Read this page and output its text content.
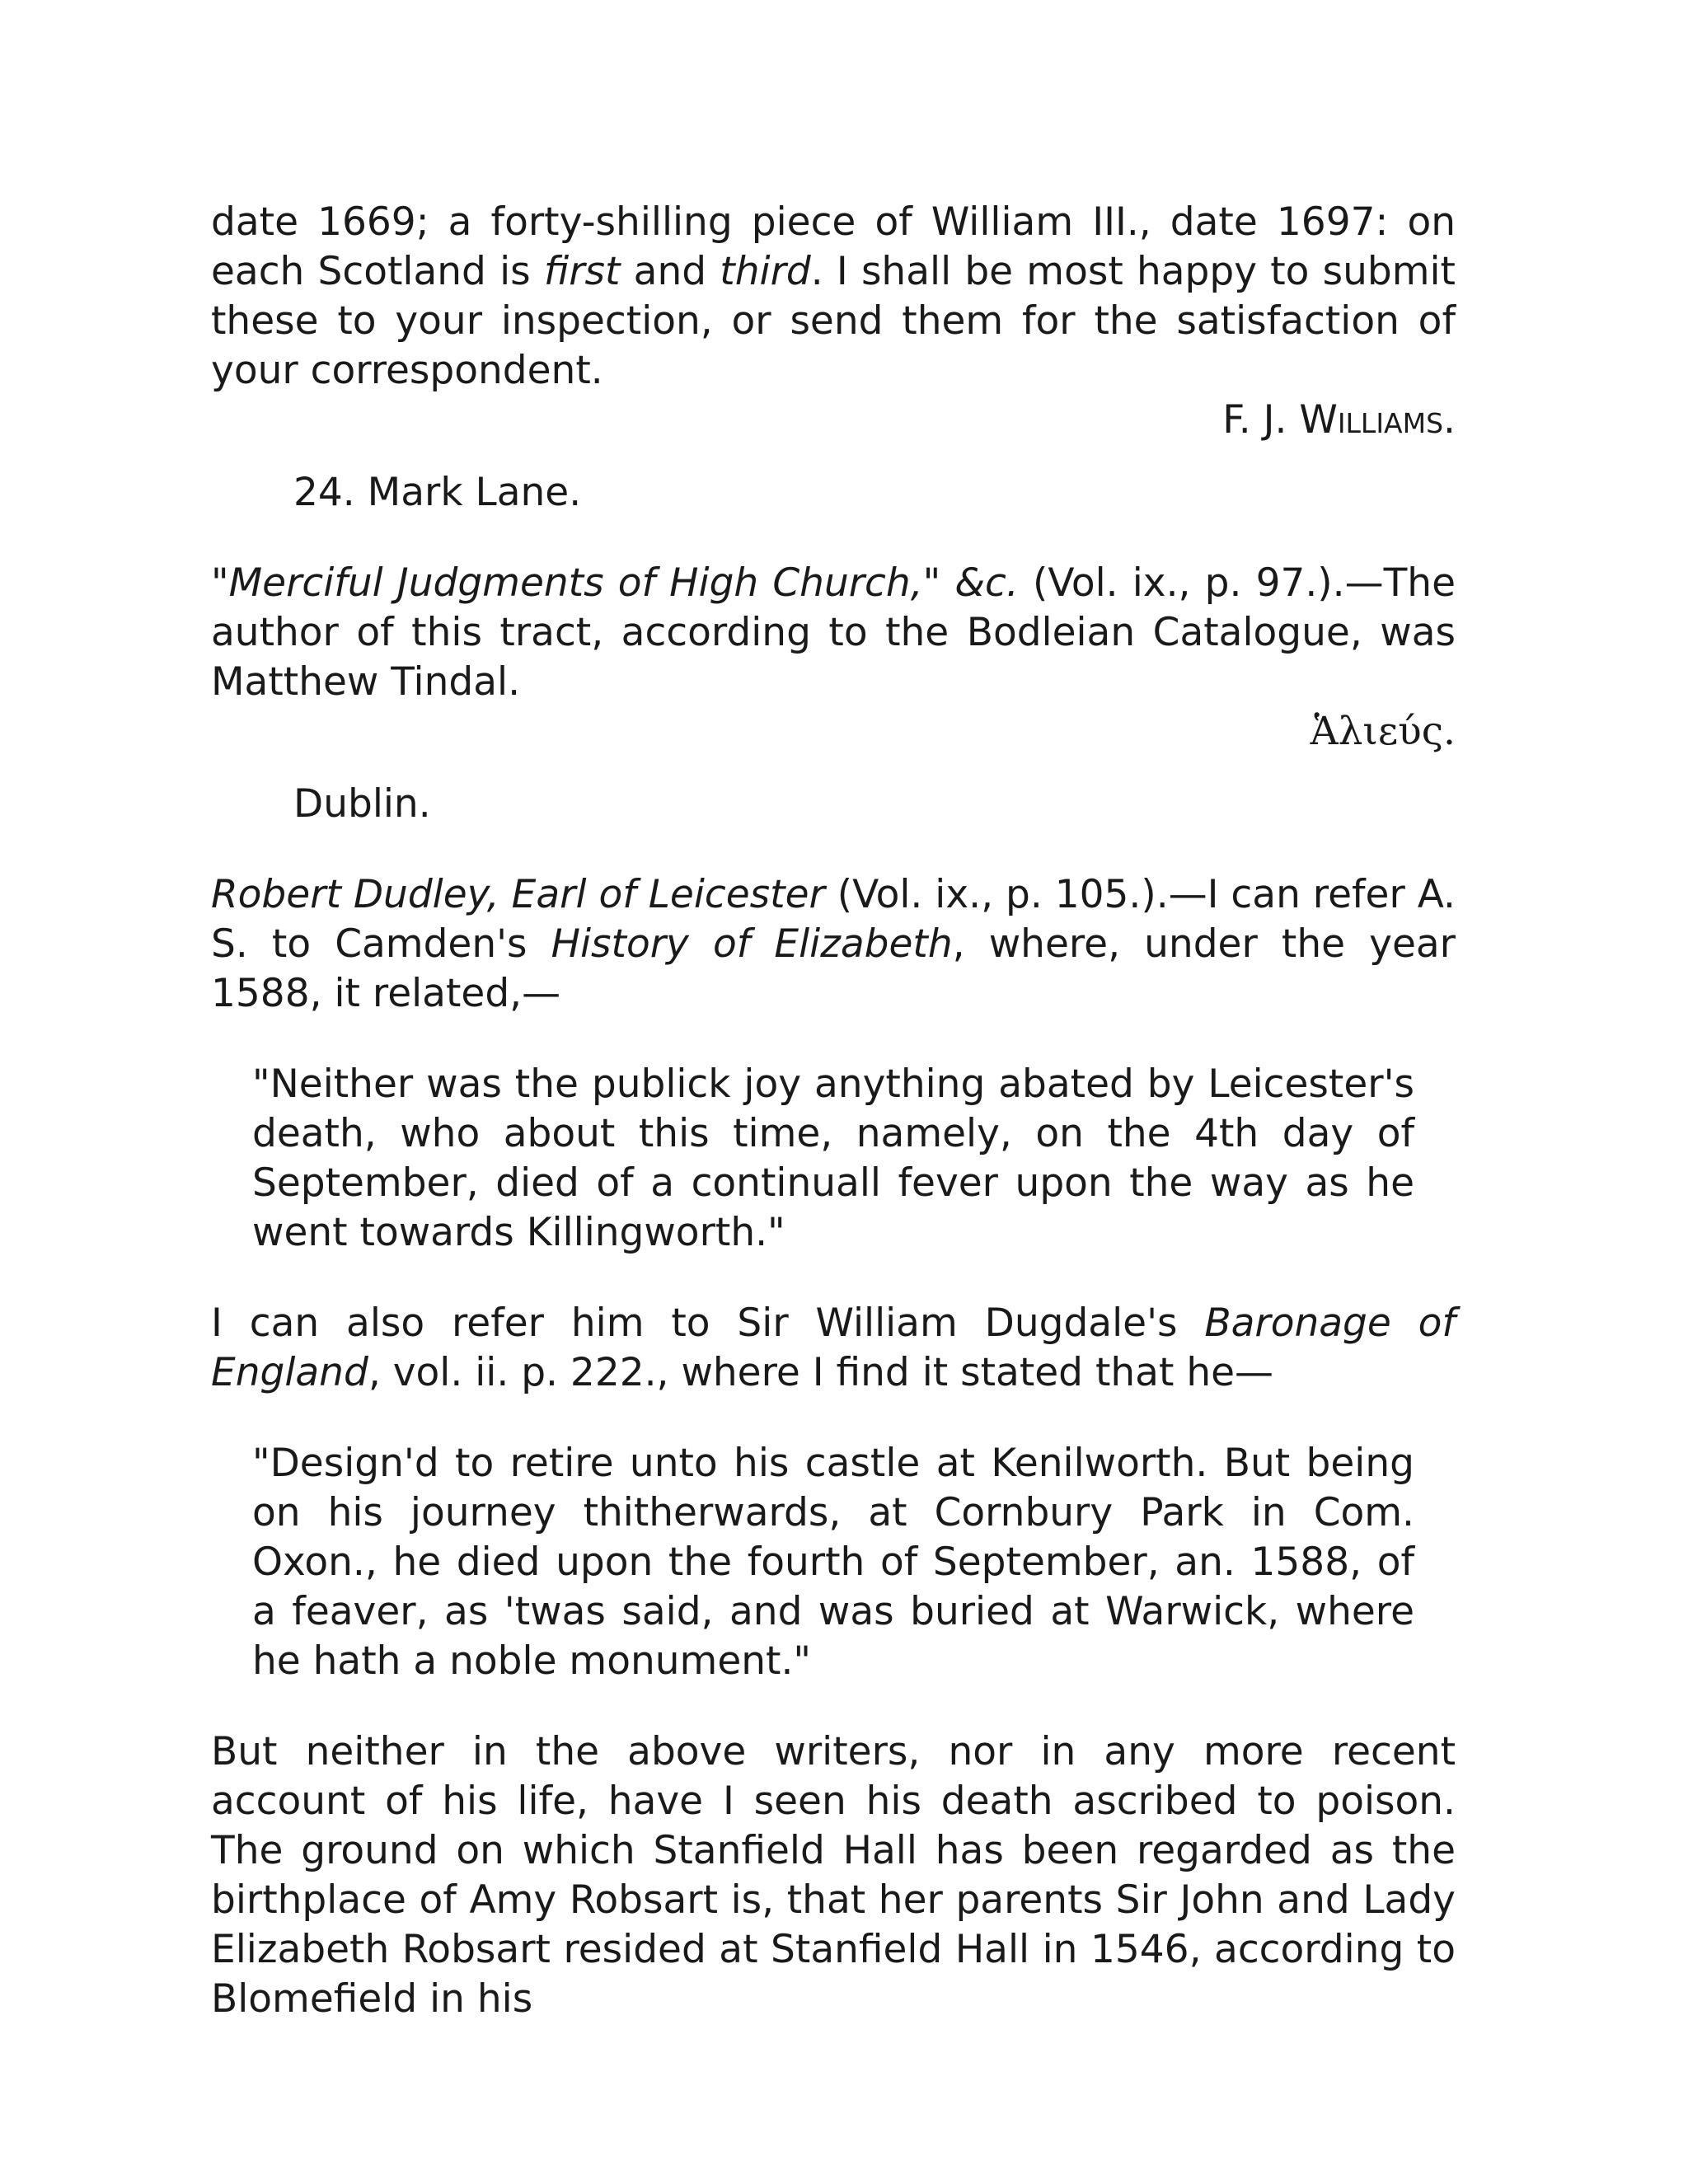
date 1669; a forty-shilling piece of William III., date 1697: on each Scotland is first and third. I shall be most happy to submit these to your inspection, or send them for the satisfaction of your correspondent.

F. J. Williams.

24. Mark Lane.

"Merciful Judgments of High Church," &c. (Vol. ix., p. 97.).—The author of this tract, according to the Bodleian Catalogue, was Matthew Tindal.

Ἁλιεύς.

Dublin.

Robert Dudley, Earl of Leicester (Vol. ix., p. 105.).—I can refer A. S. to Camden's History of Elizabeth, where, under the year 1588, it related,—

"Neither was the publick joy anything abated by Leicester's death, who about this time, namely, on the 4th day of September, died of a continuall fever upon the way as he went towards Killingworth."

I can also refer him to Sir William Dugdale's Baronage of England, vol. ii. p. 222., where I find it stated that he—

"Design'd to retire unto his castle at Kenilworth. But being on his journey thitherwards, at Cornbury Park in Com. Oxon., he died upon the fourth of September, an. 1588, of a feaver, as 'twas said, and was buried at Warwick, where he hath a noble monument."

But neither in the above writers, nor in any more recent account of his life, have I seen his death ascribed to poison. The ground on which Stanfield Hall has been regarded as the birthplace of Amy Robsart is, that her parents Sir John and Lady Elizabeth Robsart resided at Stanfield Hall in 1546, according to Blomefield in his
